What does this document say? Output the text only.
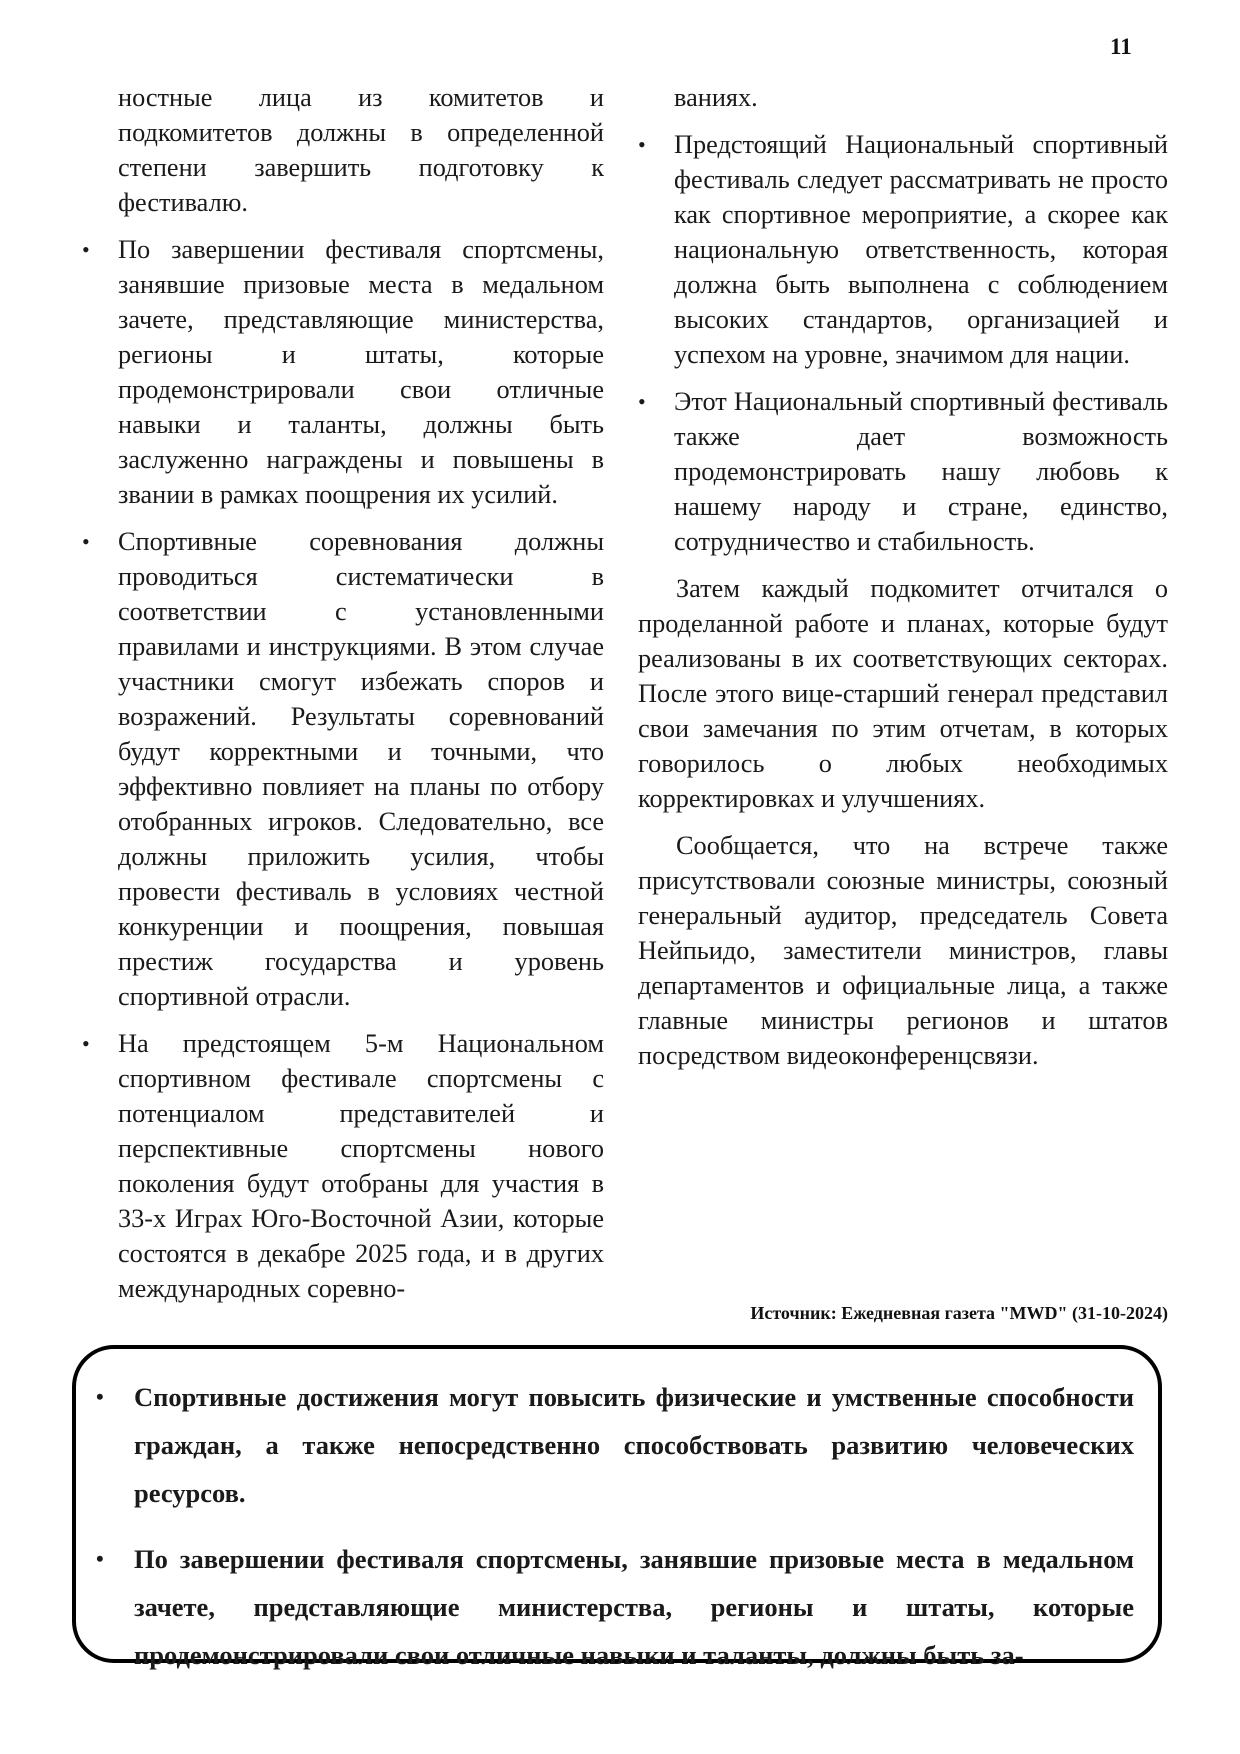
11

ностные лица из комитетов и подкомитетов должны в определенной степени завершить подготовку к фестивалю.

• По завершении фестиваля спортсмены, занявшие призовые места в медальном зачете, представляющие министерства, регионы и штаты, которые продемонстрировали свои отличные навыки и таланты, должны быть заслуженно награждены и повышены в звании в рамках поощрения их усилий.

• Спортивные соревнования должны проводиться систематически в соответствии с установленными правилами и инструкциями. В этом случае участники смогут избежать споров и возражений. Результаты соревнований будут корректными и точными, что эффективно повлияет на планы по отбору отобранных игроков. Следовательно, все должны приложить усилия, чтобы провести фестиваль в условиях честной конкуренции и поощрения, повышая престиж государства и уровень спортивной отрасли.

• На предстоящем 5-м Национальном спортивном фестивале спортсмены с потенциалом представителей и перспективные спортсмены нового поколения будут отобраны для участия в 33-х Играх Юго-Восточной Азии, которые состоятся в декабре 2025 года, и в других международных соревно-

ваниях.

• Предстоящий Национальный спортивный фестиваль следует рассматривать не просто как спортивное мероприятие, а скорее как национальную ответственность, которая должна быть выполнена с соблюдением высоких стандартов, организацией и успехом на уровне, значимом для нации.

• Этот Национальный спортивный фестиваль также дает возможность продемонстрировать нашу любовь к нашему народу и стране, единство, сотрудничество и стабильность.

Затем каждый подкомитет отчитался о проделанной работе и планах, которые будут реализованы в их соответствующих секторах. После этого вице-старший генерал представил свои замечания по этим отчетам, в которых говорилось о любых необходимых корректировках и улучшениях.

Сообщается, что на встрече также присутствовали союзные министры, союзный генеральный аудитор, председатель Совета Нейпьидо, заместители министров, главы департаментов и официальные лица, а также главные министры регионов и штатов посредством видеоконференцсвязи.

Источник: Ежедневная газета "MWD" (31-10-2024)

• Спортивные достижения могут повысить физические и умственные способности граждан, а также непосредственно способствовать развитию человеческих ресурсов.

• По завершении фестиваля спортсмены, занявшие призовые места в медальном зачете, представляющие министерства, регионы и штаты, которые продемонстрировали свои отличные навыки и таланты, должны быть за-
